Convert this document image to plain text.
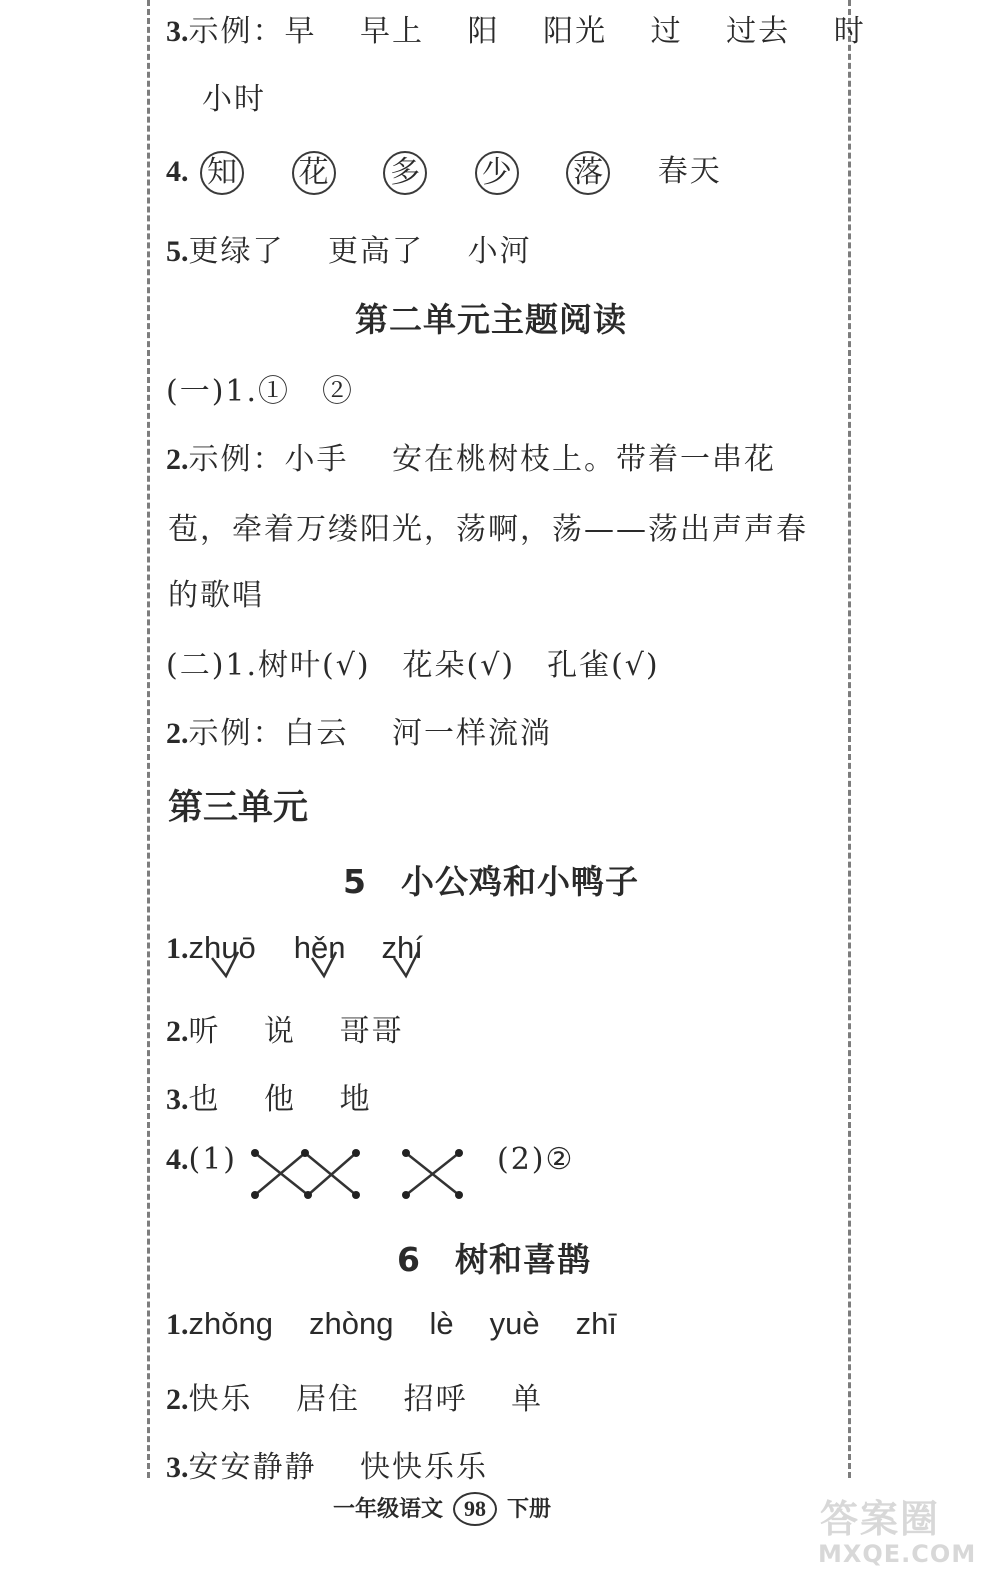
3.示例：早　 早上　 阳　 阳光　 过　 过去　 时
小时
4. 知 花 多 少 落 春天
5.更绿了　 更高了　 小河
第二单元主题阅读
(一)1.①　②
2.示例：小手　 安在桃树枝上。带着一串花
苞，牵着万缕阳光，荡啊，荡——荡出声声春
的歌唱
(二)1.树叶(√)　花朵(√)　孔雀(√)
2.示例：白云　 河一样流淌
第三单元
5　小公鸡和小鸭子
1.zhuō hěn zhí
2.听　 说　 哥哥
3.也　 他　 地
4.(1)	(2)②
6　树和喜鹊
1.zhǒng zhòng lè yuè zhī
2.快乐　 居住　 招呼　 单
3.安安静静　 快快乐乐
一年级语文 98 下册	答案圈
MXQE.COM
